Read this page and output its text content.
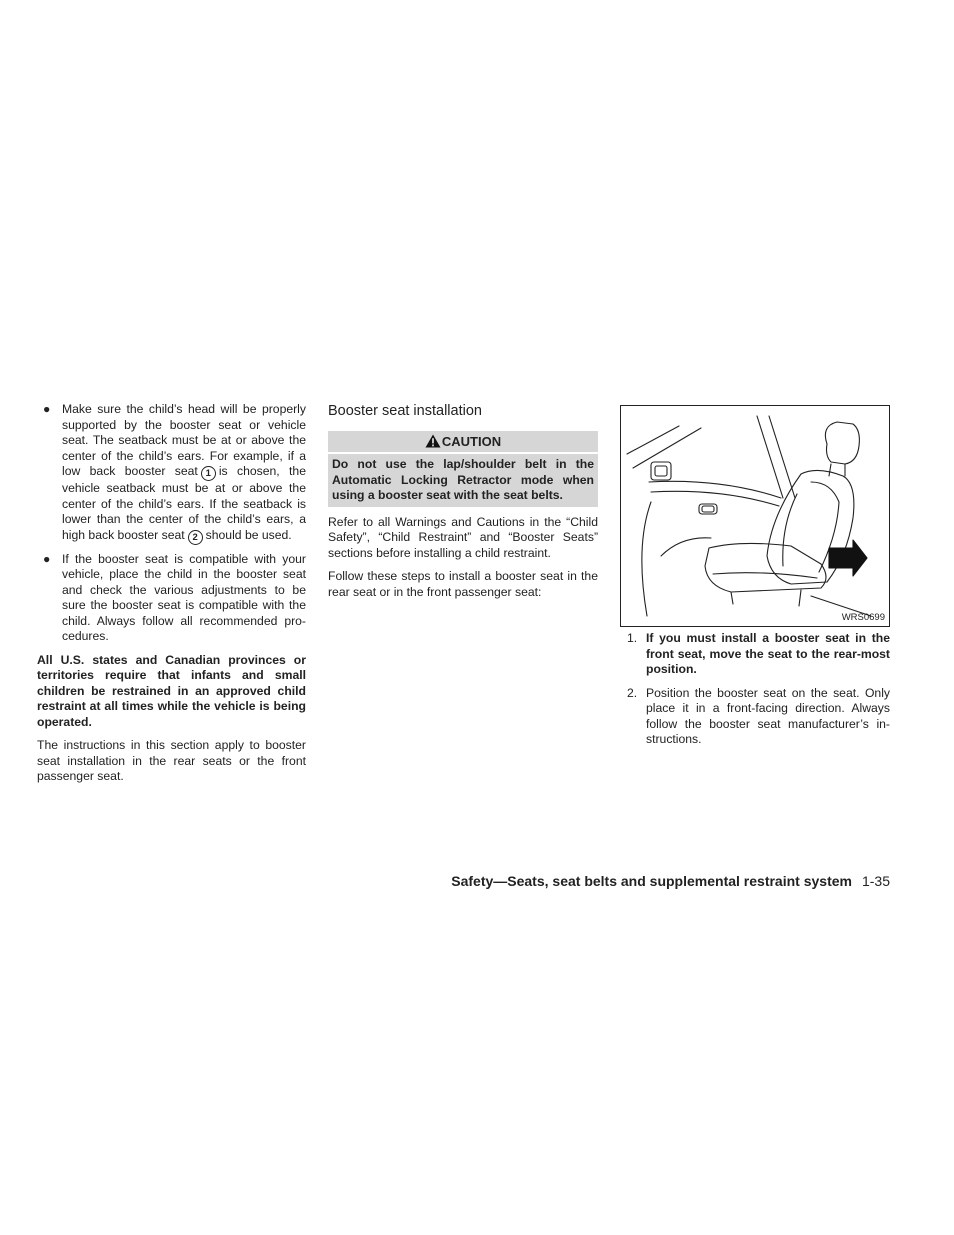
● Make sure the child’s head will be properly supported by the booster seat or vehicle seat. The seatback must be at or above the center of the child’s ears. For example, if a low back booster seat 1 is chosen, the vehicle seatback must be at or above the center of the child’s ears. If the seatback is lower than the center of the child’s ears, a high back booster seat 2 should be used.
● If the booster seat is compatible with your vehicle, place the child in the booster seat and check the various adjustments to be sure the booster seat is compatible with the child. Always follow all recommended pro-cedures.

All U.S. states and Canadian provinces or territories require that infants and small children be restrained in an approved child restraint at all times while the vehicle is being operated.

The instructions in this section apply to booster seat installation in the rear seats or the front passenger seat.

Booster seat installation
CAUTION
Do not use the lap/shoulder belt in the Automatic Locking Retractor mode when using a booster seat with the seat belts.

Refer to all Warnings and Cautions in the “Child Safety”, “Child Restraint” and “Booster Seats” sections before installing a child restraint.

Follow these steps to install a booster seat in the rear seat or in the front passenger seat:

WRS0699
1. If you must install a booster seat in the front seat, move the seat to the rear-most position.
2. Position the booster seat on the seat. Only place it in a front-facing direction. Always follow the booster seat manufacturer’s in-structions.
Safety—Seats, seat belts and supplemental restraint system 1-35
